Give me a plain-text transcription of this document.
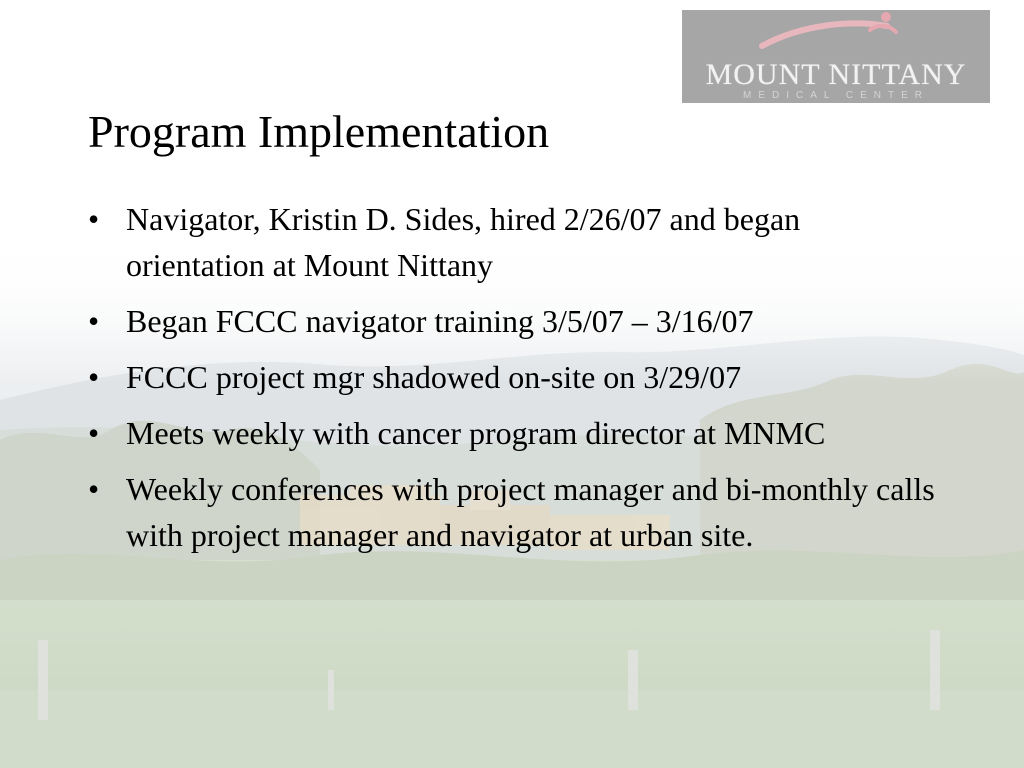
MOUNT NITTANY
MEDICAL CENTER
Program Implementation
• Navigator, Kristin D. Sides, hired 2/26/07 and began orientation at Mount Nittany
• Began FCCC navigator training 3/5/07 – 3/16/07
• FCCC project mgr shadowed on-site on 3/29/07
• Meets weekly with cancer program director at MNMC
• Weekly conferences with project manager and bi-monthly calls with project manager and navigator at urban site.
